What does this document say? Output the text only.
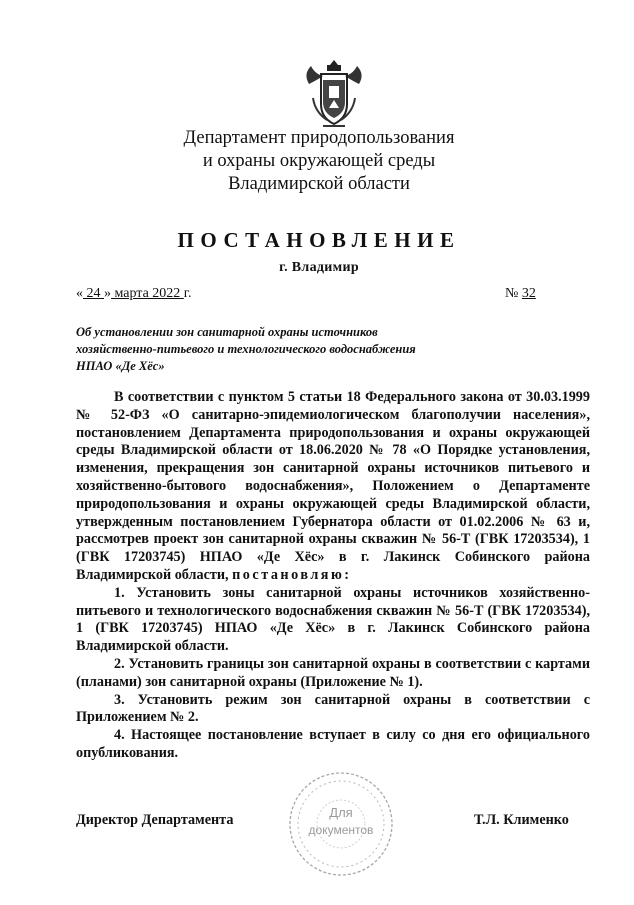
Департамент природопользования
и охраны окружающей среды
Владимирской области
ПОСТАНОВЛЕНИЕ
г. Владимир
« 24 » марта 2022 г.	№ 32
Об установлении зон санитарной охраны источников
хозяйственно-питьевого и технологического водоснабжения
НПАО «Де Хёс»

В соответствии с пунктом 5 статьи 18 Федерального закона от 30.03.1999 № 52-ФЗ «О санитарно-эпидемиологическом благополучии населения», постановлением Департамента природопользования и охраны окружающей среды Владимирской области от 18.06.2020 № 78 «О Порядке установления, изменения, прекращения зон санитарной охраны источников питьевого и хозяйственно-бытового водоснабжения», Положением о Департаменте природопользования и охраны окружающей среды Владимирской области, утвержденным постановлением Губернатора области от 01.02.2006 № 63 и, рассмотрев проект зон санитарной охраны скважин № 56-Т (ГВК 17203534), 1 (ГВК 17203745) НПАО «Де Хёс» в г. Лакинск Собинского района Владимирской области, постановляю:

1. Установить зоны санитарной охраны источников хозяйственно-питьевого и технологического водоснабжения скважин № 56-Т (ГВК 17203534), 1 (ГВК 17203745) НПАО «Де Хёс» в г. Лакинск Собинского района Владимирской области.

2. Установить границы зон санитарной охраны в соответствии с картами (планами) зон санитарной охраны (Приложение № 1).

3. Установить режим зон санитарной охраны в соответствии с Приложением № 2.

4. Настоящее постановление вступает в силу со дня его официального опубликования.

Директор Департамента	Т.Л. Клименко
Для
документов
